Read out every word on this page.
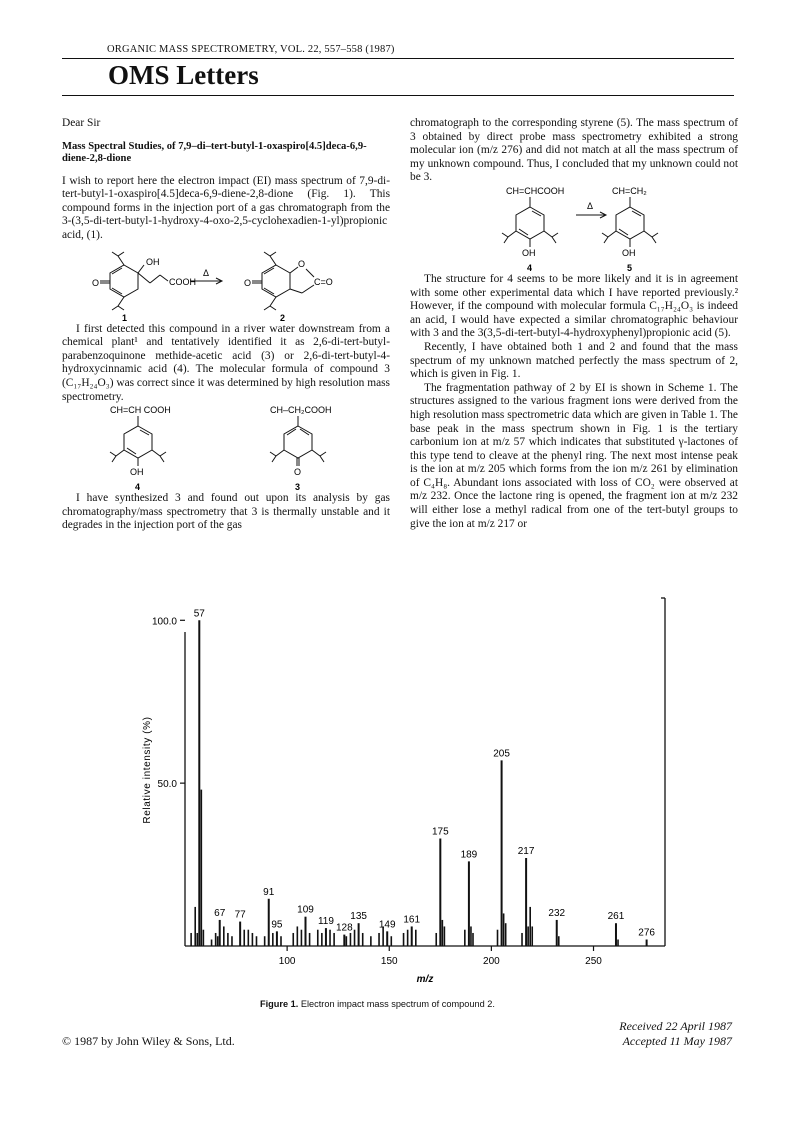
ORGANIC MASS SPECTROMETRY, VOL. 22, 557–558 (1987)
OMS Letters

Dear Sir

Mass Spectral Studies, of 7,9–di–tert-butyl-1-oxaspiro[4.5]deca-6,9-diene-2,8-dione

I wish to report here the electron impact (EI) mass spectrum of 7,9-di-tert-butyl-1-oxaspiro[4.5]deca-6,9-diene-2,8-dione (Fig. 1). This compound forms in the injection port of a gas chromatograph from the 3-(3,5-di-tert-butyl-1-hydroxy-4-oxo-2,5-cyclohexadien-1-yl)propionic acid, (1).

OH
O	COOH
Δ
1
O
O
C=O
2

I first detected this compound in a river water downstream from a chemical plant¹ and tentatively identified it as 2,6-di-tert-butyl-parabenzoquinone methide-acetic acid (3) or 2,6-di-tert-butyl-4-hydroxycinnamic acid (4). The molecular formula of compound 3 (C₁₇H₂₄O₃) was correct since it was determined by high resolution mass spectrometry.

CH=CH COOH
OH
4
CH–CH₂COOH
O
3

I have synthesized 3 and found out upon its analysis by gas chromatography/mass spectrometry that 3 is thermally unstable and it degrades in the injection port of the gas

chromatograph to the corresponding styrene (5). The mass spectrum of 3 obtained by direct probe mass spectrometry exhibited a strong molecular ion (m/z 276) and did not match at all the mass spectrum of my unknown compound. Thus, I concluded that my unknown could not be 3.

CH=CHCOOH
Δ
CH=CH₂
OH	OH
4	5

The structure for 4 seems to be more likely and it is in agreement with some other experimental data which I have reported previously.² However, if the compound with molecular formula C₁₇H₂₄O₃ is indeed an acid, I would have expected a similar chromatographic behaviour with 3 and the 3(3,5-di-tert-butyl-4-hydroxyphenyl)propionic acid (5).

Recently, I have obtained both 1 and 2 and found that the mass spectrum of my unknown matched perfectly the mass spectrum of 2, which is given in Fig. 1.

The fragmentation pathway of 2 by EI is shown in Scheme 1. The structures assigned to the various fragment ions were derived from the high resolution mass spectrometric data which are given in Table 1. The base peak in the mass spectrum shown in Fig. 1 is the tertiary carbonium ion at m/z 57 which indicates that substituted γ-lactones of this type tend to cleave at the phenyl ring. The next most intense peak is the ion at m/z 205 which forms from the ion m/z 261 by elimination of C₄H₈. Abundant ions associated with loss of CO₂ were observed at m/z 232. Once the lactone ring is opened, the fragment ion at m/z 232 will either lose a methyl radical from one of the tert-butyl groups to give the ion at m/z 217 or

50.0
100.0
100	150	200	250
57
67 77
91
95
109
119
128
135
149 161
175
189
205
217
232	261
276
Relative intensity (%)
m/z
Figure 1. Electron impact mass spectrum of compound 2.
© 1987 by John Wiley & Sons, Ltd.
Received 22 April 1987
Accepted 11 May 1987
